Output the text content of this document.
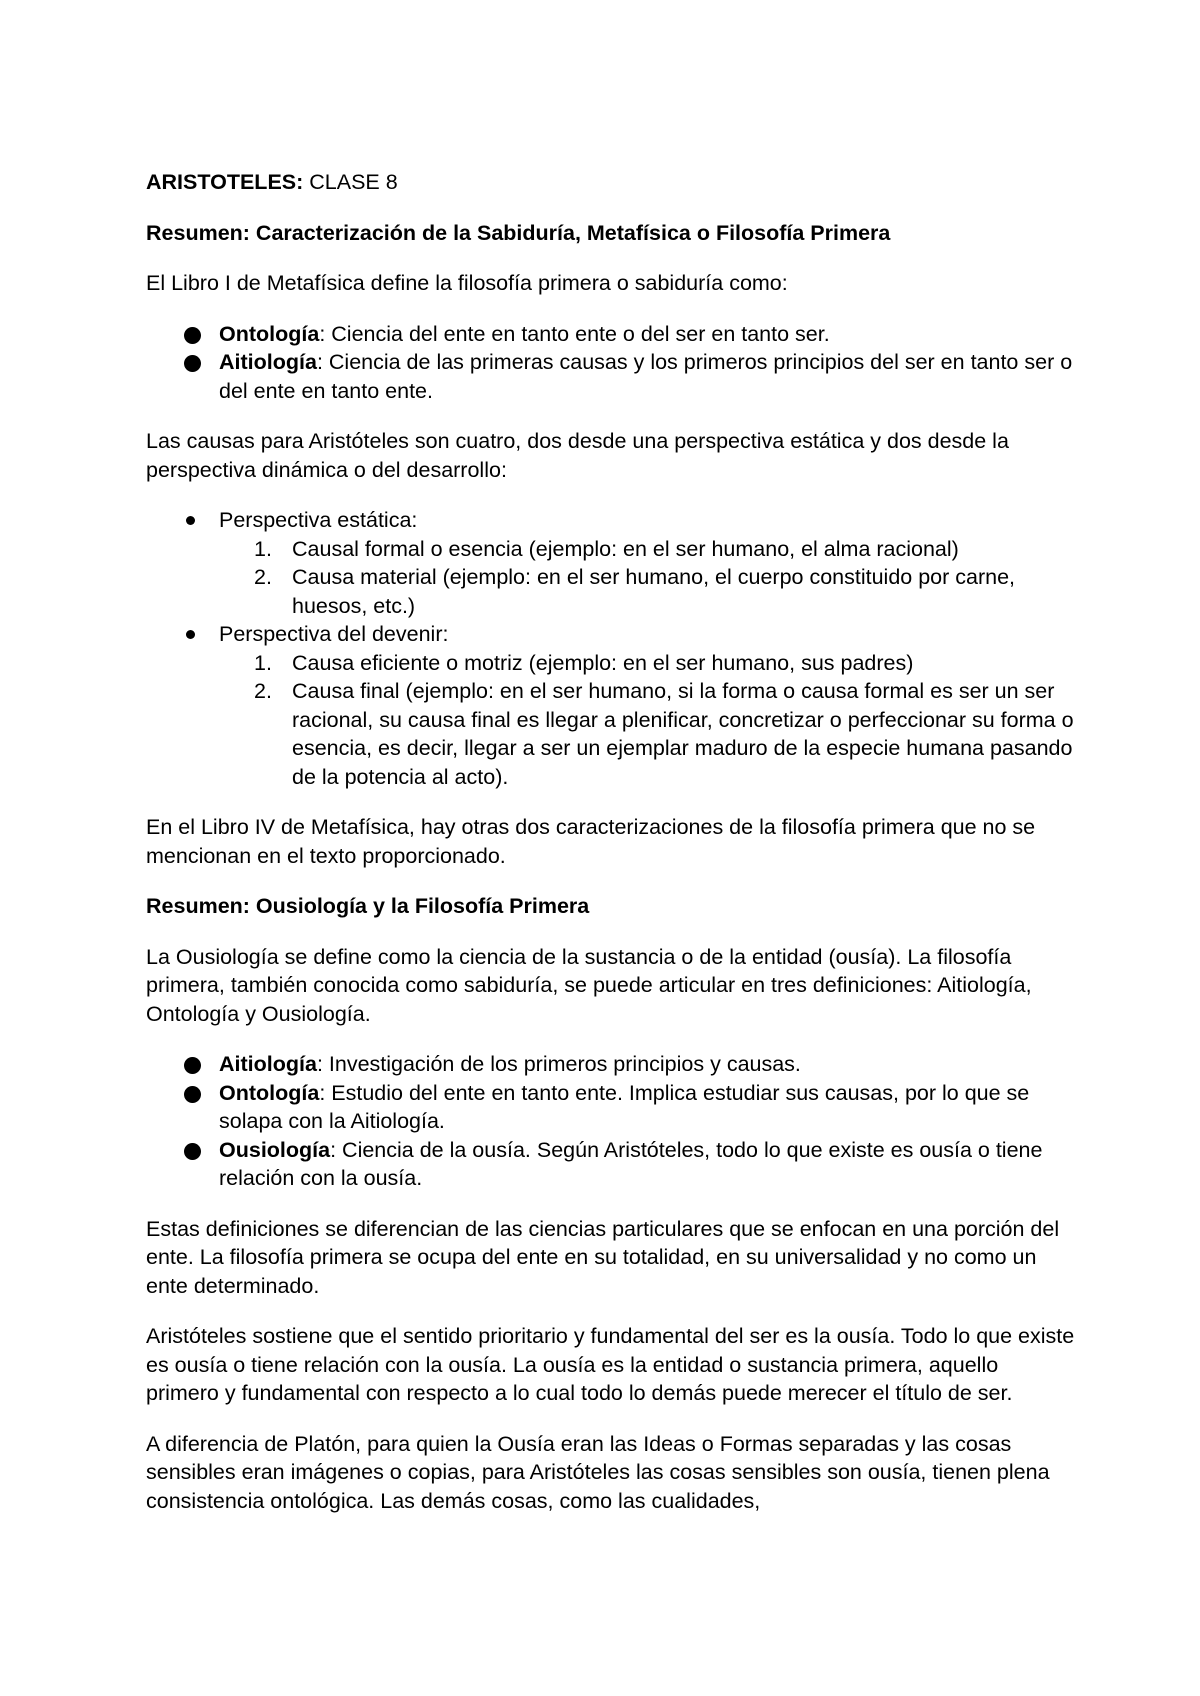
ARISTOTELES: CLASE 8

Resumen: Caracterización de la Sabiduría, Metafísica o Filosofía Primera

El Libro I de Metafísica define la filosofía primera o sabiduría como:

Ontología: Ciencia del ente en tanto ente o del ser en tanto ser.
Aitiología: Ciencia de las primeras causas y los primeros principios del ser en tanto ser o del ente en tanto ente.

Las causas para Aristóteles son cuatro, dos desde una perspectiva estática y dos desde la perspectiva dinámica o del desarrollo:

Perspectiva estática:
1. Causal formal o esencia (ejemplo: en el ser humano, el alma racional)
2. Causa material (ejemplo: en el ser humano, el cuerpo constituido por carne, huesos, etc.)
Perspectiva del devenir:
1. Causa eficiente o motriz (ejemplo: en el ser humano, sus padres)
2. Causa final (ejemplo: en el ser humano, si la forma o causa formal es ser un ser racional, su causa final es llegar a plenificar, concretizar o perfeccionar su forma o esencia, es decir, llegar a ser un ejemplar maduro de la especie humana pasando de la potencia al acto).

En el Libro IV de Metafísica, hay otras dos caracterizaciones de la filosofía primera que no se mencionan en el texto proporcionado.

Resumen: Ousiología y la Filosofía Primera

La Ousiología se define como la ciencia de la sustancia o de la entidad (ousía). La filosofía primera, también conocida como sabiduría, se puede articular en tres definiciones: Aitiología, Ontología y Ousiología.

Aitiología: Investigación de los primeros principios y causas.
Ontología: Estudio del ente en tanto ente. Implica estudiar sus causas, por lo que se solapa con la Aitiología.
Ousiología: Ciencia de la ousía. Según Aristóteles, todo lo que existe es ousía o tiene relación con la ousía.

Estas definiciones se diferencian de las ciencias particulares que se enfocan en una porción del ente. La filosofía primera se ocupa del ente en su totalidad, en su universalidad y no como un ente determinado.

Aristóteles sostiene que el sentido prioritario y fundamental del ser es la ousía. Todo lo que existe es ousía o tiene relación con la ousía. La ousía es la entidad o sustancia primera, aquello primero y fundamental con respecto a lo cual todo lo demás puede merecer el título de ser.

A diferencia de Platón, para quien la Ousía eran las Ideas o Formas separadas y las cosas sensibles eran imágenes o copias, para Aristóteles las cosas sensibles son ousía, tienen plena consistencia ontológica. Las demás cosas, como las cualidades,
